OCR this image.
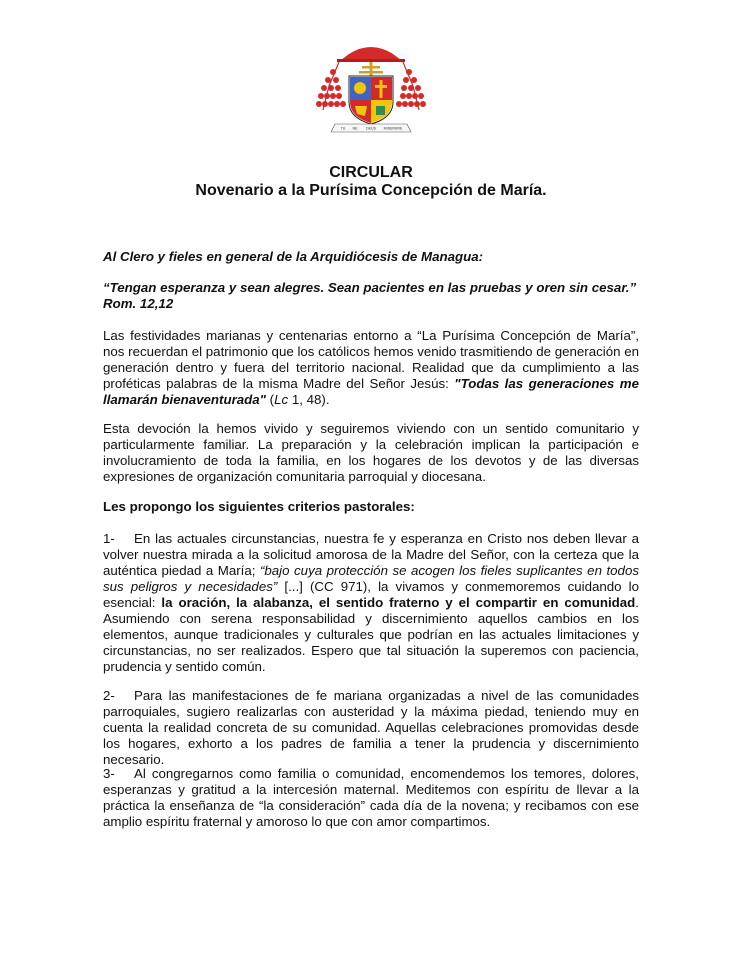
TU NE DEUS MISERERE
CIRCULAR
Novenario a la Purísima Concepción de María.
Al Clero y fieles en general de la Arquidiócesis de Managua:
“Tengan esperanza y sean alegres. Sean pacientes en las pruebas y oren sin cesar.” Rom. 12,12
Las festividades marianas y centenarias entorno a “La Purísima Concepción de María”, nos recuerdan el patrimonio que los católicos hemos venido trasmitiendo de generación en generación dentro y fuera del territorio nacional. Realidad que da cumplimiento a las proféticas palabras de la misma Madre del Señor Jesús: "Todas las generaciones me llamarán bienaventurada" (Lc 1, 48).
Esta devoción la hemos vivido y seguiremos viviendo con un sentido comunitario y particularmente familiar. La preparación y la celebración implican la participación e involucramiento de toda la familia, en los hogares de los devotos y de las diversas expresiones de organización comunitaria parroquial y diocesana.
Les propongo los siguientes criterios pastorales:
1- En las actuales circunstancias, nuestra fe y esperanza en Cristo nos deben llevar a volver nuestra mirada a la solicitud amorosa de la Madre del Señor, con la certeza que la auténtica piedad a María; “bajo cuya protección se acogen los fieles suplicantes en todos sus peligros y necesidades” [...] (CC 971), la vivamos y conmemoremos cuidando lo esencial: la oración, la alabanza, el sentido fraterno y el compartir en comunidad. Asumiendo con serena responsabilidad y discernimiento aquellos cambios en los elementos, aunque tradicionales y culturales que podrían en las actuales limitaciones y circunstancias, no ser realizados. Espero que tal situación la superemos con paciencia, prudencia y sentido común.
2- Para las manifestaciones de fe mariana organizadas a nivel de las comunidades parroquiales, sugiero realizarlas con austeridad y la máxima piedad, teniendo muy en cuenta la realidad concreta de su comunidad. Aquellas celebraciones promovidas desde los hogares, exhorto a los padres de familia a tener la prudencia y discernimiento necesario.
3- Al congregarnos como familia o comunidad, encomendemos los temores, dolores, esperanzas y gratitud a la intercesión maternal. Meditemos con espíritu de llevar a la práctica la enseñanza de “la consideración” cada día de la novena; y recibamos con ese amplio espíritu fraternal y amoroso lo que con amor compartimos.
